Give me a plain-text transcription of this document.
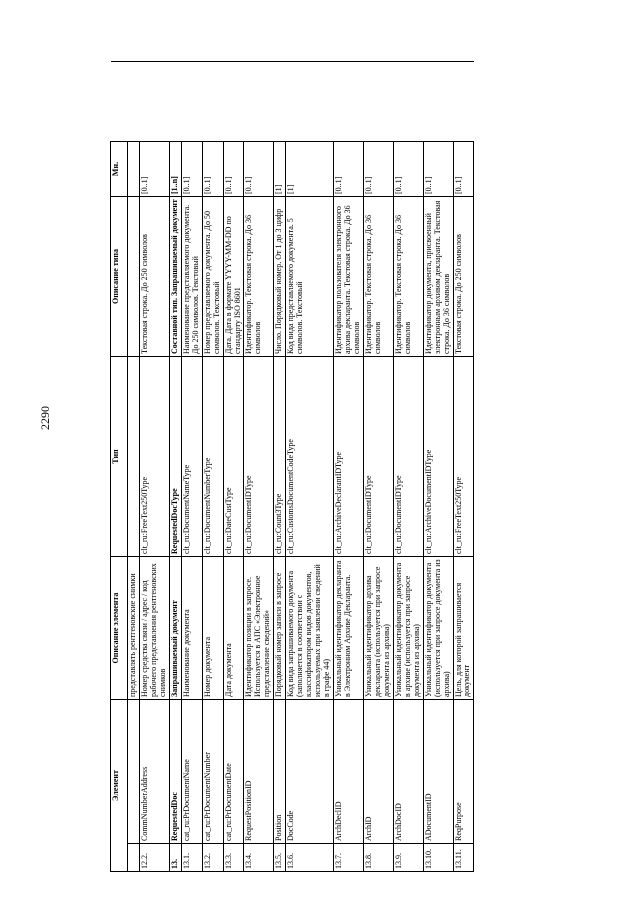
2290
Элемент		Описание элемента	Тип	Описание типа	Мн.	
		представлять рентгеновские снимки				
12.2.	CommNumberAddress	Номер средства связи / адрес / код рабочего представления рентгеновских снимков	clt_ru:FreeText250Type	Текстовая строка. До 250 символов	[0..1]	
13.	RequestedDoc	Запрашиваемый документ	RequestedDocType	Составной тип. Запрашиваемый документ	[1..n]	
13.1.	cat_ru:PrDocumentName	Наименование документа	clt_ru:DocumentNameType	Наименование представляемого документа. До 250 символов. Текстовый	[0..1]	
13.2.	cat_ru:PrDocumentNumber	Номер документа	clt_ru:DocumentNumberType	Номер представляемого документа. До 50 символов. Текстовый	[0..1]	
13.3.	cat_ru:PrDocumentDate	Дата документа	clt_ru:DateCustType	Дата. Дата в формате YYYY-MM-DD по стандарту ISO 8601	[0..1]	
13.4.	RequestPositionID	Идентификатор позиции в запросе. Используется в АПС «Электронное представление сведений»	clt_ru:DocumentIDType	Идентификатор. Текстовая строка. До 36 символов	[0..1]	
13.5.	Position	Порядковый номер записи в запросе	clt_ru:Count3Type	Число. Порядковый номер. От 1 до 3 цифр	[1]	
13.6.	DocCode	Код вида запрашиваемого документа (заполняется в соответствии с классификатором видов документов, используемых при заявлении сведений в графе 44)	clt_ru:CustomsDocumentCodeType	Код вида представляемого документа. 5 символов. Текстовый	[1]	
13.7.	ArchDeclID	Уникальный идентификатор декларанта в Электронном Архиве Декларанта.	clt_ru:ArchiveDeclarantIDType	Идентификатор пользователя электронного архива декларанта. Текстовая строка. До 36 символов	[0..1]	
13.8.	ArchID	Уникальный идентификатор архива декларанта (используется при запросе документа из архива)	clt_ru:DocumentIDType	Идентификатор. Текстовая строка. До 36 символов	[0..1]	
13.9.	ArchDocID	Уникальный идентификатор документа в архиве (используется при запросе документа из архива)	clt_ru:DocumentIDType	Идентификатор. Текстовая строка. До 36 символов	[0..1]	
13.10.	ADocumentID	Уникальный идентификатор документа (используется при запросе документа из архива)	clt_ru:ArchiveDocumentIDType	Идентификатор документа, присвоенный электронным архивом декларанта. Текстовая строка. До 36 символов	[0..1]	
13.11.	ReqPurpose	Цель, для которой запрашивается документ	clt_ru:FreeText250Type	Текстовая строка. До 250 символов	[0..1]	
